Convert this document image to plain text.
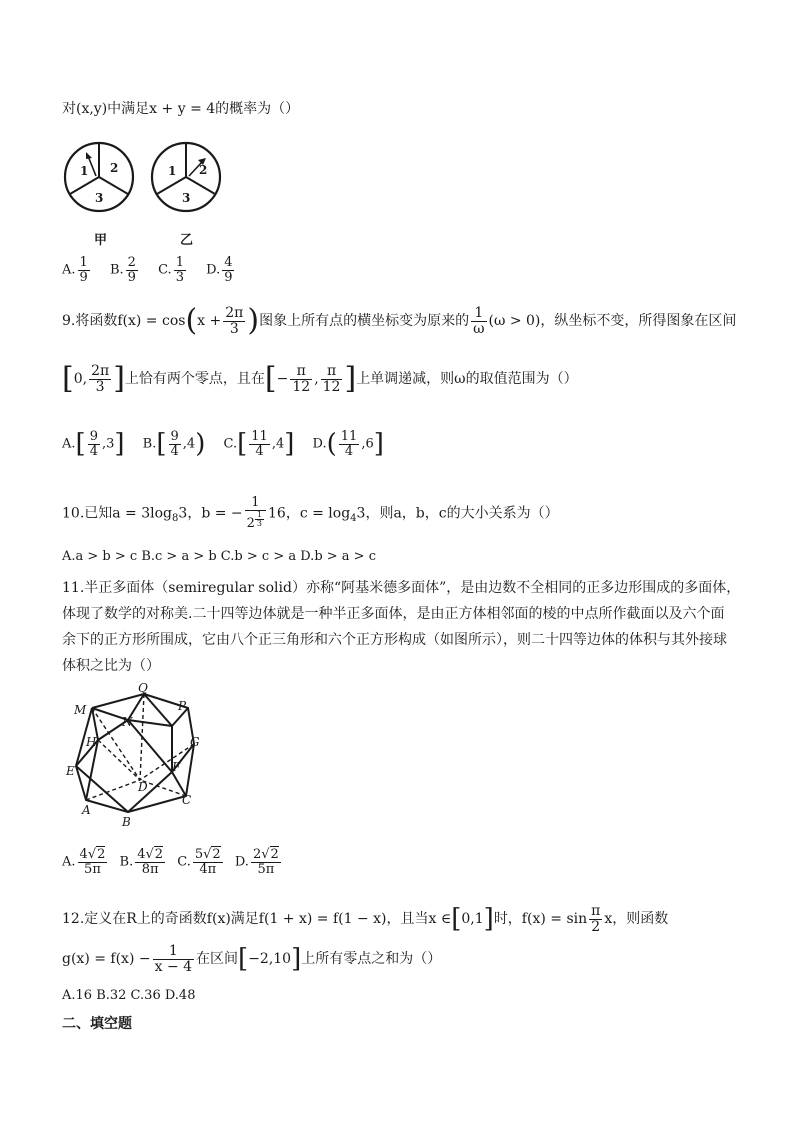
对(x,y)中满足x + y = 4的概率为（）
1 2
3
1 2
3
甲	乙
A. $\frac{1}{9} B$. $\frac{2}{9} C$. $\frac{1}{3} D$. $\frac{4}{9}$
9.将函数$f(x) = \cos(x + \frac{2\pi}{3}$ )图象上所有点的横坐标变为原来的 $\frac{1}{\omega} (\omega > 0)$，纵坐标不变，所得图象在区间
[0, $\frac{2\pi}{3}$ ]上恰有两个零点，且在[− $\frac{\pi}{12}$ , $\frac{\pi}{12}$ ]上单调递减，则ω的取值范围为（）
$A.[ \frac{9}{4} ,3]$ $B.[ \frac{9}{4} ,4)$ $C.[ \frac{11}{4} ,4]$ $D.( \frac{11}{4} ,6]$
10.已知$a = 3\log_83$，b = − 1
2 $^{\frac{1}{3}}$ 16，$c = \log_43$，则a，b，c的大小关系为（）
A.a > b > c B.c > a > b C.b > c > a D.b > a > c
11.半正多面体（semiregular solid）亦称“阿基米德多面体”，是由边数不全相同的正多边形围成的多面体，
体现了数学的对称美.二十四等边体就是一种半正多面体，是由正方体相邻面的棱的中点所作截面以及六个面
余下的正方形所围成，它由八个正三角形和六个正方形构成（如图所示），则二十四等边体的体积与其外接球
体积之比为（）
M
Q
P
N
H	G
E	F
D
A
C
B
A. $\frac{4√2}{5\pi} B$. $\frac{4√2}{8\pi} C$. $\frac{5√2}{4\pi} D$. $\frac{2√2}{5\pi}$
12.定义在R上的奇函数f(x)满足f(1 + x) = f(1 − x)，且当x ∈[0,1]时，$f(x) = \sin \frac{\pi}{2}$ x，则函数
$g(x) = f(x) - \frac{1}{x - 4}$ 在区间[−2,10]上所有零点之和为（）
A.16 B.32 C.36 D.48
二、填空题
